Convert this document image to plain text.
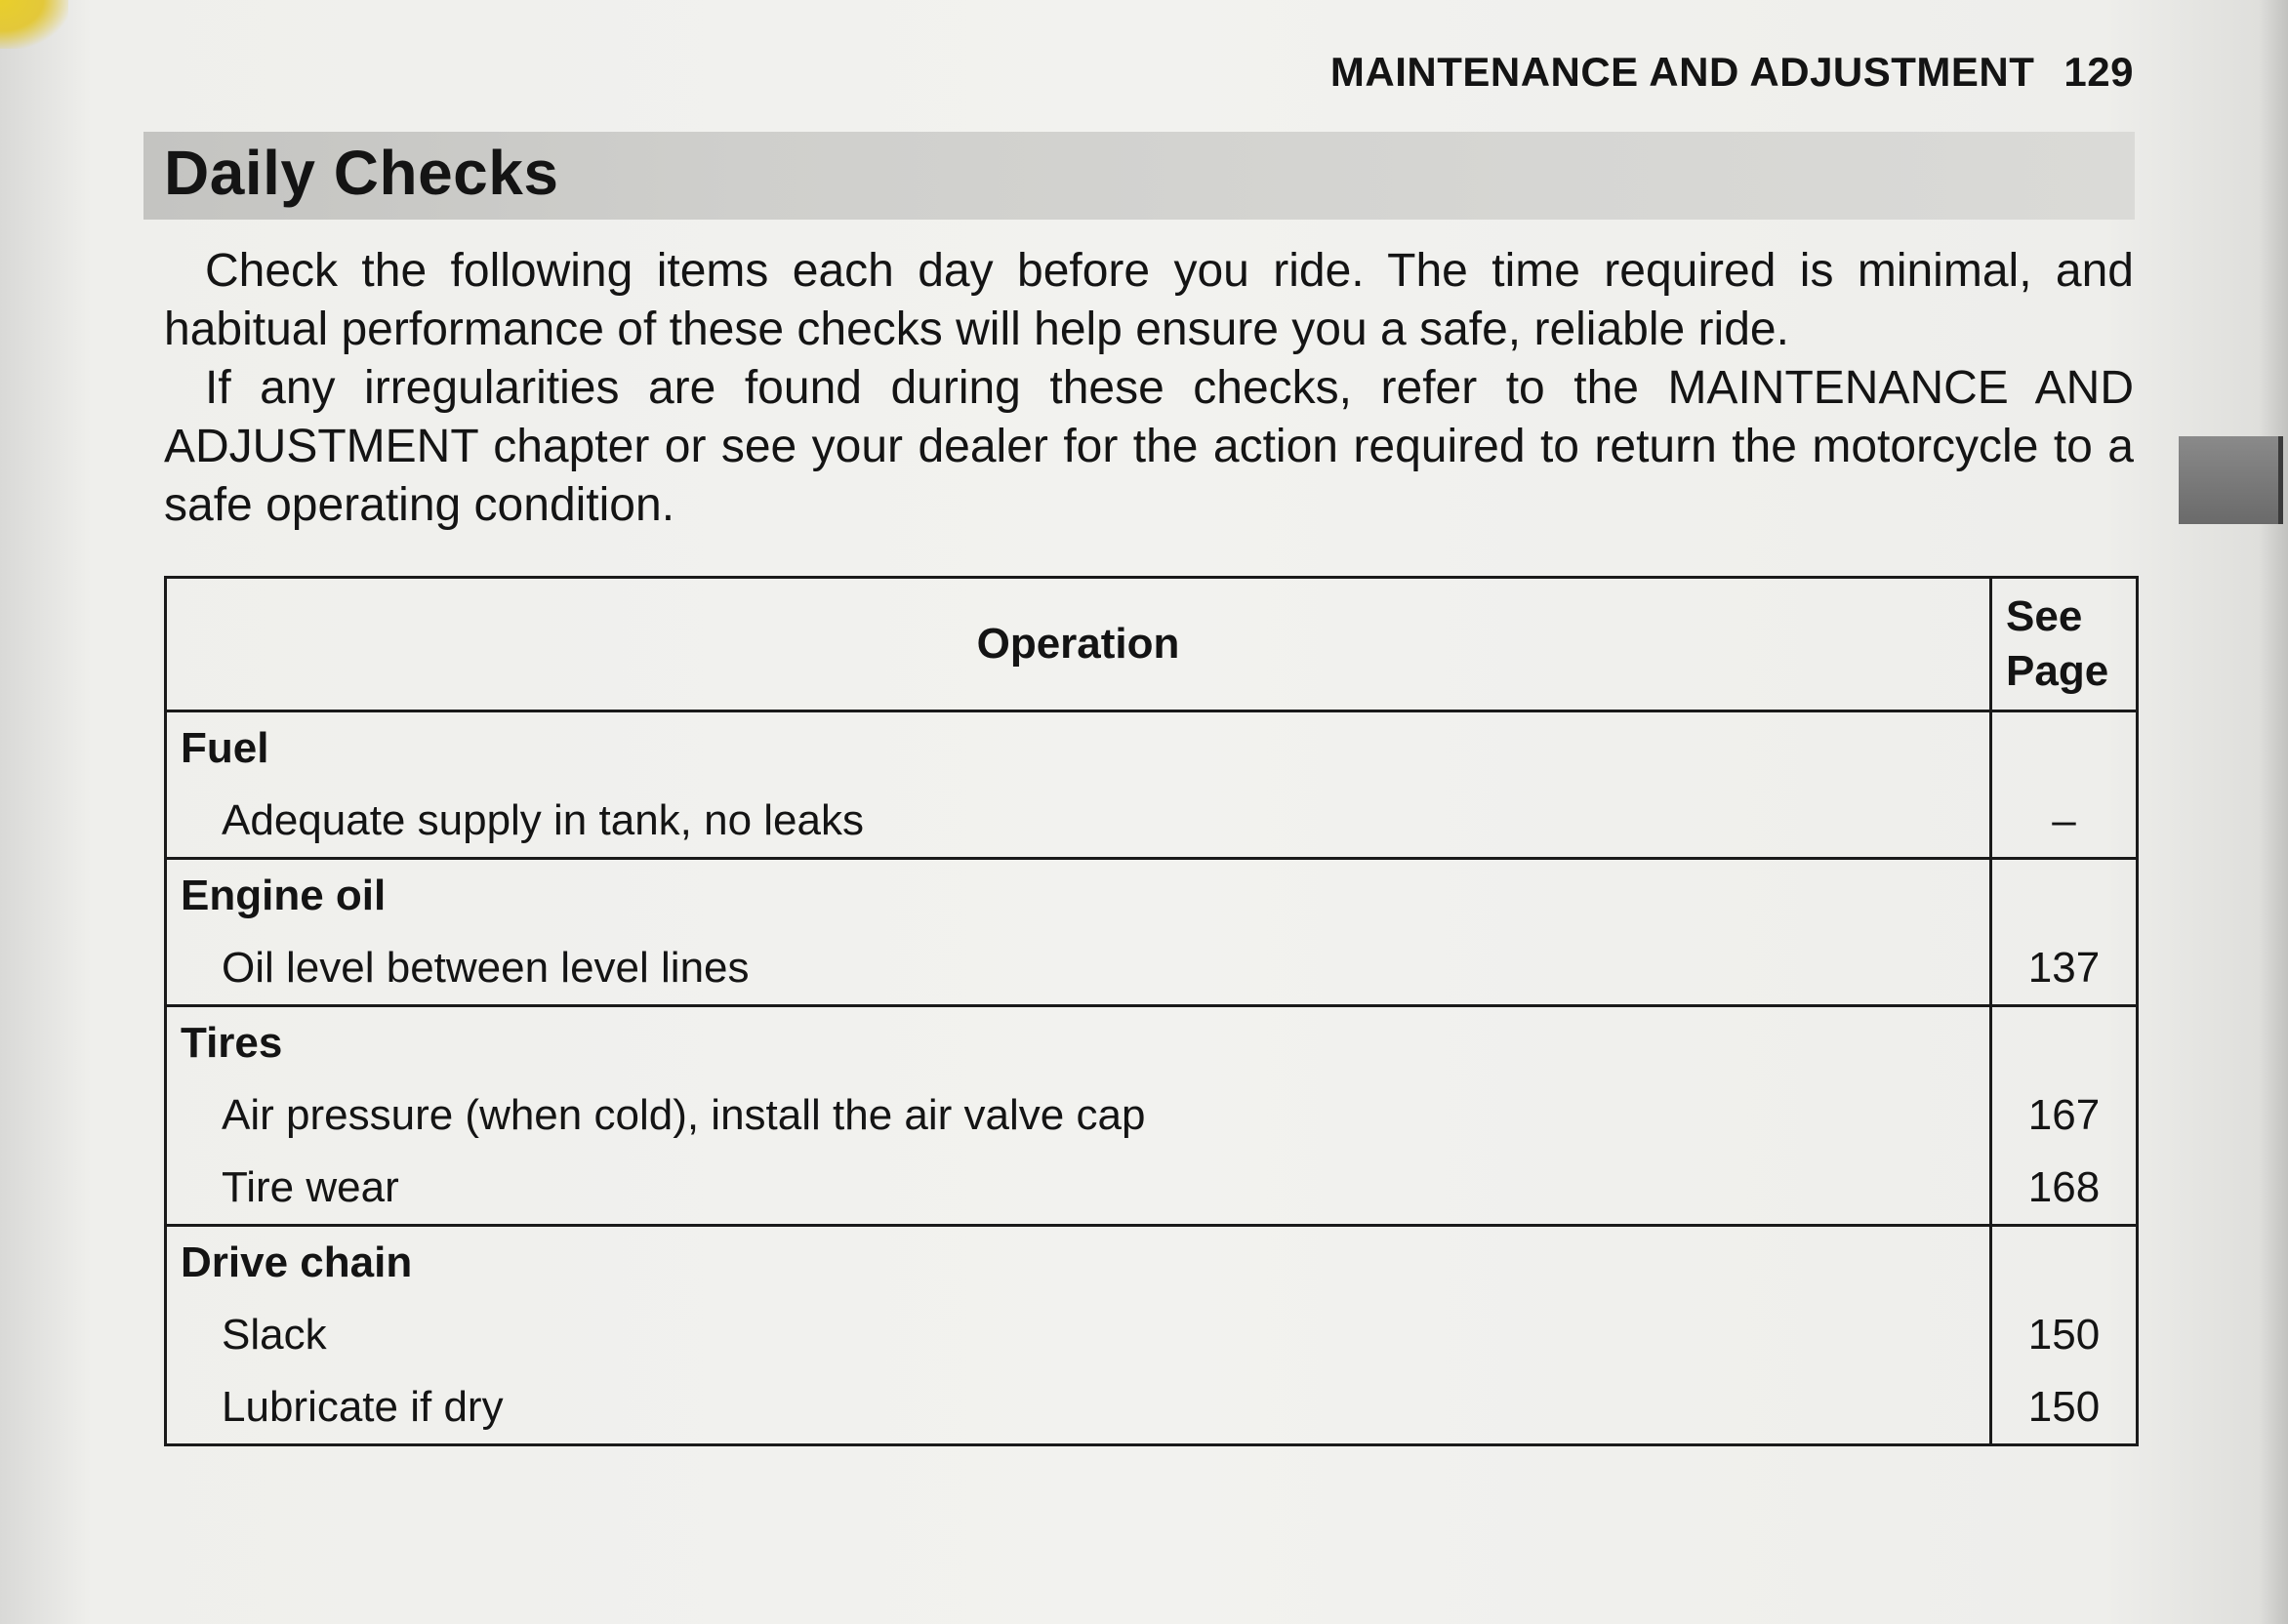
MAINTENANCE AND ADJUSTMENT 129
Daily Checks

Check the following items each day before you ride. The time required is minimal, and habitual performance of these checks will help ensure you a safe, reliable ride.

If any irregularities are found during these checks, refer to the MAINTENANCE AND ADJUSTMENT chapter or see your dealer for the action required to return the motorcycle to a safe operating condition.

Operation	See
Page
Fuel	
Adequate supply in tank, no leaks	–
Engine oil	
Oil level between level lines	137
Tires	
Air pressure (when cold), install the air valve cap	167
Tire wear	168
Drive chain	
Slack	150
Lubricate if dry	150
